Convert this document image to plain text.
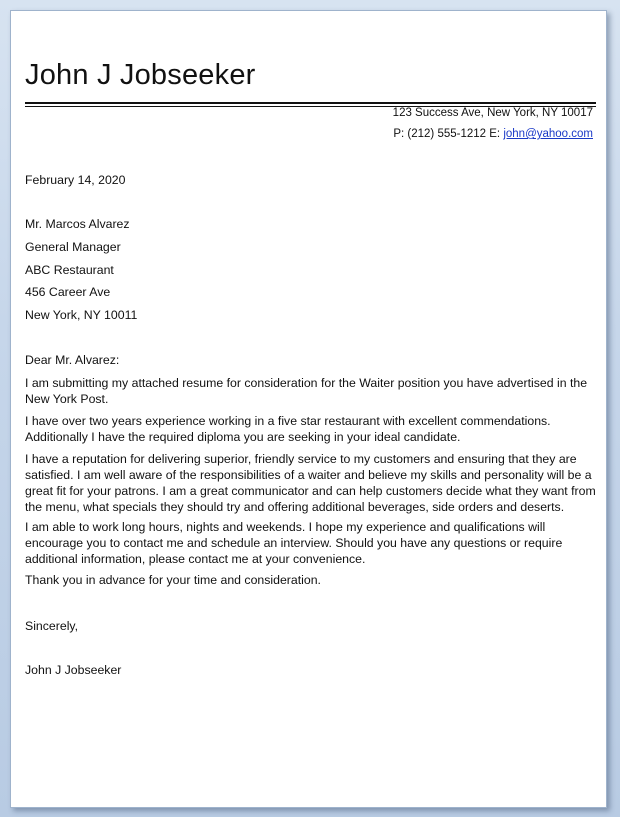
John J Jobseeker
123 Success Ave, New York, NY 10017
P: (212) 555-1212 E: john@yahoo.com
February 14, 2020
Mr. Marcos Alvarez
General Manager
ABC Restaurant
456 Career Ave
New York, NY 10011
Dear Mr. Alvarez:
I am submitting my attached resume for consideration for the Waiter position you have advertised in the New York Post.
I have over two years experience working in a five star restaurant with excellent commendations. Additionally I have the required diploma you are seeking in your ideal candidate.
I have a reputation for delivering superior, friendly service to my customers and ensuring that they are satisfied. I am well aware of the responsibilities of a waiter and believe my skills and personality will be a great fit for your patrons. I am a great communicator and can help customers decide what they want from the menu, what specials they should try and offering additional beverages, side orders and deserts.
I am able to work long hours, nights and weekends. I hope my experience and qualifications will encourage you to contact me and schedule an interview. Should you have any questions or require additional information, please contact me at your convenience.
Thank you in advance for your time and consideration.
Sincerely,
John J Jobseeker
